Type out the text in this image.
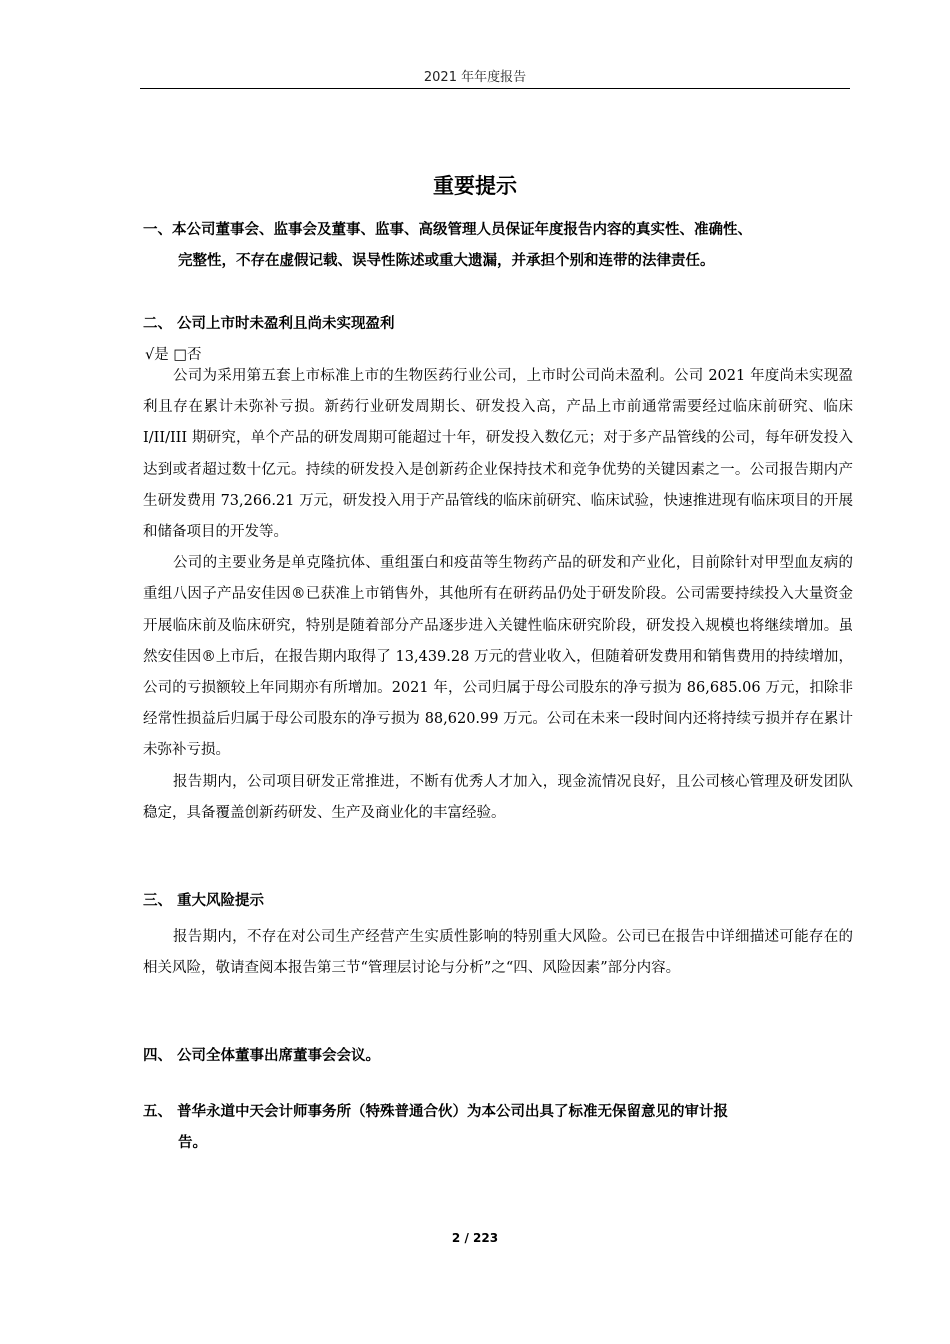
2021 年年度报告
重要提示
一、本公司董事会、监事会及董事、监事、高级管理人员保证年度报告内容的真实性、准确性、
完整性，不存在虚假记载、误导性陈述或重大遗漏，并承担个别和连带的法律责任。
二、 公司上市时未盈利且尚未实现盈利
√是 □否

公司为采用第五套上市标准上市的生物医药行业公司，上市时公司尚未盈利。公司 2021 年度尚未实现盈利且存在累计未弥补亏损。新药行业研发周期长、研发投入高，产品上市前通常需要经过临床前研究、临床 I/II/III 期研究，单个产品的研发周期可能超过十年，研发投入数亿元；对于多产品管线的公司，每年研发投入达到或者超过数十亿元。持续的研发投入是创新药企业保持技术和竞争优势的关键因素之一。公司报告期内产生研发费用 73,266.21 万元，研发投入用于产品管线的临床前研究、临床试验，快速推进现有临床项目的开展和储备项目的开发等。

公司的主要业务是单克隆抗体、重组蛋白和疫苗等生物药产品的研发和产业化，目前除针对甲型血友病的重组八因子产品安佳因®已获准上市销售外，其他所有在研药品仍处于研发阶段。公司需要持续投入大量资金开展临床前及临床研究，特别是随着部分产品逐步进入关键性临床研究阶段，研发投入规模也将继续增加。虽然安佳因®上市后，在报告期内取得了 13,439.28 万元的营业收入，但随着研发费用和销售费用的持续增加，公司的亏损额较上年同期亦有所增加。2021 年，公司归属于母公司股东的净亏损为 86,685.06 万元，扣除非经常性损益后归属于母公司股东的净亏损为 88,620.99 万元。公司在未来一段时间内还将持续亏损并存在累计未弥补亏损。

报告期内，公司项目研发正常推进，不断有优秀人才加入，现金流情况良好，且公司核心管理及研发团队稳定，具备覆盖创新药研发、生产及商业化的丰富经验。

三、 重大风险提示

报告期内，不存在对公司生产经营产生实质性影响的特别重大风险。公司已在报告中详细描述可能存在的相关风险，敬请查阅本报告第三节“管理层讨论与分析”之“四、风险因素”部分内容。

四、 公司全体董事出席董事会会议。
五、 普华永道中天会计师事务所（特殊普通合伙）为本公司出具了标准无保留意见的审计报
告。
2 / 223
